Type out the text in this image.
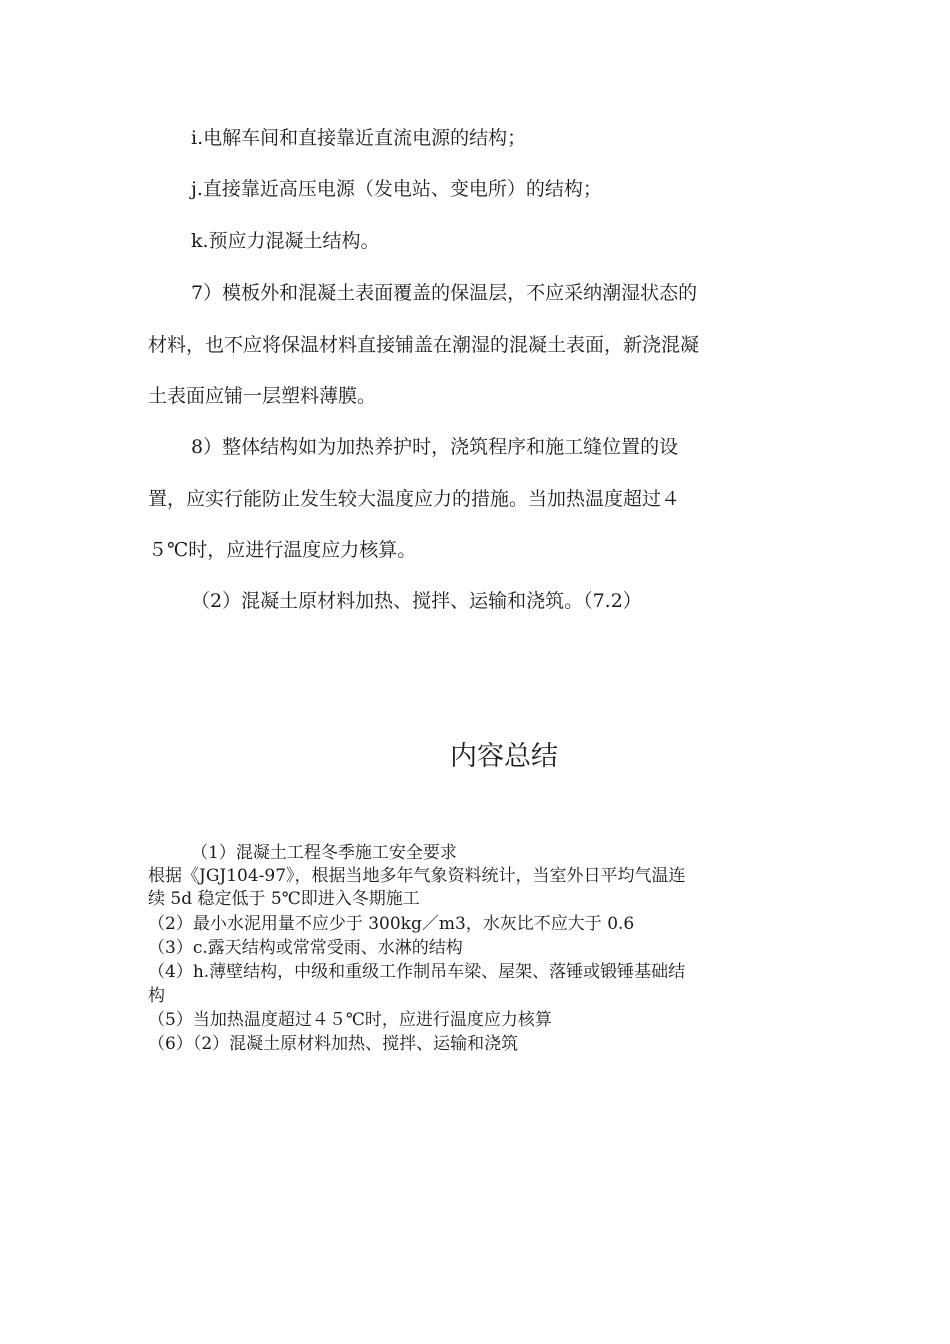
i.电解车间和直接靠近直流电源的结构；
j.直接靠近高压电源（发电站、变电所）的结构；
k.预应力混凝土结构。
7）模板外和混凝土表面覆盖的保温层，不应采纳潮湿状态的
材料，也不应将保温材料直接铺盖在潮湿的混凝土表面，新浇混凝
土表面应铺一层塑料薄膜。
8）整体结构如为加热养护时，浇筑程序和施工缝位置的设
置，应实行能防止发生较大温度应力的措施。当加热温度超过４
５℃时，应进行温度应力核算。
（2）混凝土原材料加热、搅拌、运输和浇筑。（7.2）
内容总结
（1）混凝土工程冬季施工安全要求
根据《JGJ104-97》，根据当地多年气象资料统计，当室外日平均气温连
续 5d 稳定低于 5℃即进入冬期施工
（2）最小水泥用量不应少于 300kg／m3，水灰比不应大于 0.6
（3）c.露天结构或常常受雨、水淋的结构
（4）h.薄壁结构，中级和重级工作制吊车梁、屋架、落锤或锻锤基础结
构
（5）当加热温度超过４５℃时，应进行温度应力核算
（6）（2）混凝土原材料加热、搅拌、运输和浇筑
